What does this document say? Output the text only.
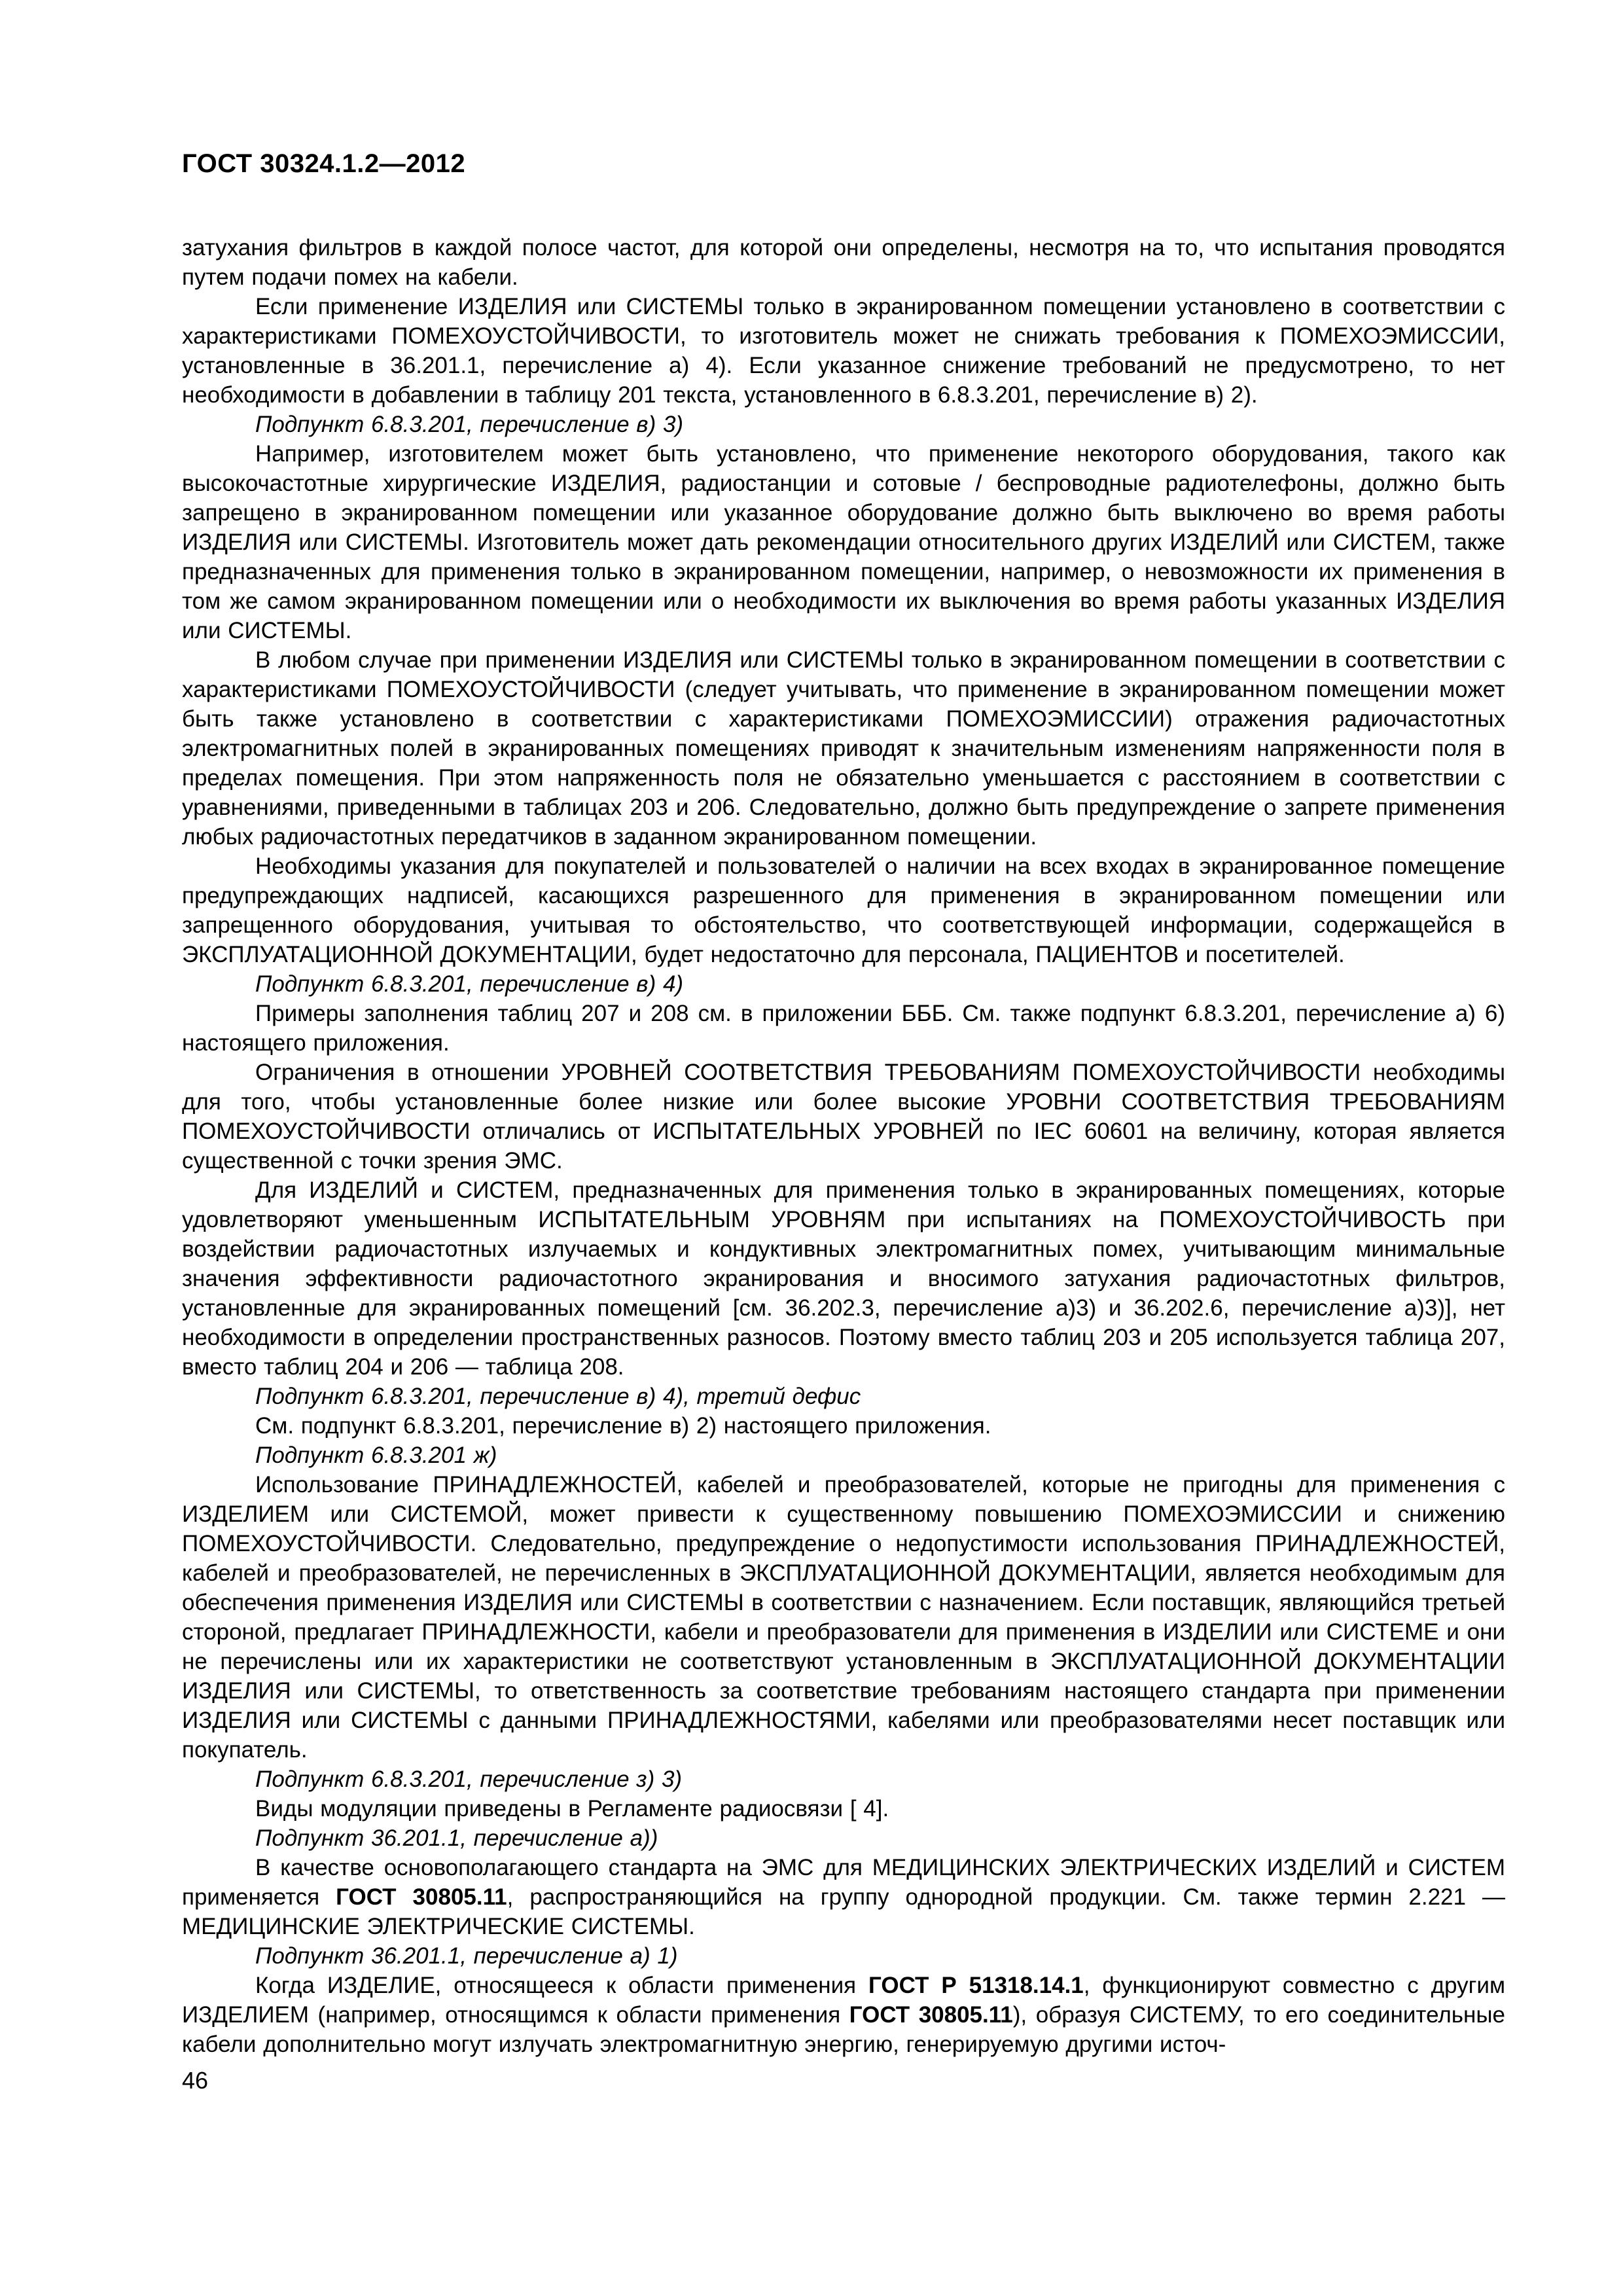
ГОСТ 30324.1.2—2012

затухания фильтров в каждой полосе частот, для которой они определены, несмотря на то, что испытания проводятся путем подачи помех на кабели.

Если применение ИЗДЕЛИЯ или СИСТЕМЫ только в экранированном помещении установлено в соответствии с характеристиками ПОМЕХОУСТОЙЧИВОСТИ, то изготовитель может не снижать требования к ПОМЕХОЭМИССИИ, установленные в 36.201.1, перечисление а) 4). Если указанное снижение требований не предусмотрено, то нет необходимости в добавлении в таблицу 201 текста, установленного в 6.8.3.201, перечисление в) 2).

Подпункт 6.8.3.201, перечисление в) 3)

Например, изготовителем может быть установлено, что применение некоторого оборудования, такого как высокочастотные хирургические ИЗДЕЛИЯ, радиостанции и сотовые / беспроводные радиотелефоны, должно быть запрещено в экранированном помещении или указанное оборудование должно быть выключено во время работы ИЗДЕЛИЯ или СИСТЕМЫ. Изготовитель может дать рекомендации относительного других ИЗДЕЛИЙ или СИСТЕМ, также предназначенных для применения только в экранированном помещении, например, о невозможности их применения в том же самом экранированном помещении или о необходимости их выключения во время работы указанных ИЗДЕЛИЯ или СИСТЕМЫ.

В любом случае при применении ИЗДЕЛИЯ или СИСТЕМЫ только в экранированном помещении в соответствии с характеристиками ПОМЕХОУСТОЙЧИВОСТИ (следует учитывать, что применение в экранированном помещении может быть также установлено в соответствии с характеристиками ПОМЕХОЭМИССИИ) отражения радиочастотных электромагнитных полей в экранированных помещениях приводят к значительным изменениям напряженности поля в пределах помещения. При этом напряженность поля не обязательно уменьшается с расстоянием в соответствии с уравнениями, приведенными в таблицах 203 и 206. Следовательно, должно быть предупреждение о запрете применения любых радиочастотных передатчиков в заданном экранированном помещении.

Необходимы указания для покупателей и пользователей о наличии на всех входах в экранированное помещение предупреждающих надписей, касающихся разрешенного для применения в экранированном помещении или запрещенного оборудования, учитывая то обстоятельство, что соответствующей информации, содержащейся в ЭКСПЛУАТАЦИОННОЙ ДОКУМЕНТАЦИИ, будет недостаточно для персонала, ПАЦИЕНТОВ и посетителей.

Подпункт 6.8.3.201, перечисление в) 4)

Примеры заполнения таблиц 207 и 208 см. в приложении БББ. См. также подпункт 6.8.3.201, перечисление а) 6) настоящего приложения.

Ограничения в отношении УРОВНЕЙ СООТВЕТСТВИЯ ТРЕБОВАНИЯМ ПОМЕХОУСТОЙЧИВОСТИ необходимы для того, чтобы установленные более низкие или более высокие УРОВНИ СООТВЕТСТВИЯ ТРЕБОВАНИЯМ ПОМЕХОУСТОЙЧИВОСТИ отличались от ИСПЫТАТЕЛЬНЫХ УРОВНЕЙ по IEC 60601 на величину, которая является существенной с точки зрения ЭМС.

Для ИЗДЕЛИЙ и СИСТЕМ, предназначенных для применения только в экранированных помещениях, которые удовлетворяют уменьшенным ИСПЫТАТЕЛЬНЫМ УРОВНЯМ при испытаниях на ПОМЕХОУСТОЙЧИВОСТЬ при воздействии радиочастотных излучаемых и кондуктивных электромагнитных помех, учитывающим минимальные значения эффективности радиочастотного экранирования и вносимого затухания радиочастотных фильтров, установленные для экранированных помещений [см. 36.202.3, перечисление а)3) и 36.202.6, перечисление а)3)], нет необходимости в определении пространственных разносов. Поэтому вместо таблиц 203 и 205 используется таблица 207, вместо таблиц 204 и 206 — таблица 208.

Подпункт 6.8.3.201, перечисление в) 4), третий дефис

См. подпункт 6.8.3.201, перечисление в) 2) настоящего приложения.

Подпункт 6.8.3.201 ж)

Использование ПРИНАДЛЕЖНОСТЕЙ, кабелей и преобразователей, которые не пригодны для применения с ИЗДЕЛИЕМ или СИСТЕМОЙ, может привести к существенному повышению ПОМЕХОЭМИССИИ и снижению ПОМЕХОУСТОЙЧИВОСТИ. Следовательно, предупреждение о недопустимости использования ПРИНАДЛЕЖНОСТЕЙ, кабелей и преобразователей, не перечисленных в ЭКСПЛУАТАЦИОННОЙ ДОКУМЕНТАЦИИ, является необходимым для обеспечения применения ИЗДЕЛИЯ или СИСТЕМЫ в соответствии с назначением. Если поставщик, являющийся третьей стороной, предлагает ПРИНАДЛЕЖНОСТИ, кабели и преобразователи для применения в ИЗДЕЛИИ или СИСТЕМЕ и они не перечислены или их характеристики не соответствуют установленным в ЭКСПЛУАТАЦИОННОЙ ДОКУМЕНТАЦИИ ИЗДЕЛИЯ или СИСТЕМЫ, то ответственность за соответствие требованиям настоящего стандарта при применении ИЗДЕЛИЯ или СИСТЕМЫ с данными ПРИНАДЛЕЖНОСТЯМИ, кабелями или преобразователями несет поставщик или покупатель.

Подпункт 6.8.3.201, перечисление з) 3)

Виды модуляции приведены в Регламенте радиосвязи [ 4].

Подпункт 36.201.1, перечисление а))

В качестве основополагающего стандарта на ЭМС для МЕДИЦИНСКИХ ЭЛЕКТРИЧЕСКИХ ИЗДЕЛИЙ и СИСТЕМ применяется ГОСТ 30805.11, распространяющийся на группу однородной продукции. См. также термин 2.221 — МЕДИЦИНСКИЕ ЭЛЕКТРИЧЕСКИЕ СИСТЕМЫ.

Подпункт 36.201.1, перечисление а) 1)

Когда ИЗДЕЛИЕ, относящееся к области применения ГОСТ Р 51318.14.1, функционируют совместно с другим ИЗДЕЛИЕМ (например, относящимся к области применения ГОСТ 30805.11), образуя СИСТЕМУ, то его соединительные кабели дополнительно могут излучать электромагнитную энергию, генерируемую другими источ-

46
